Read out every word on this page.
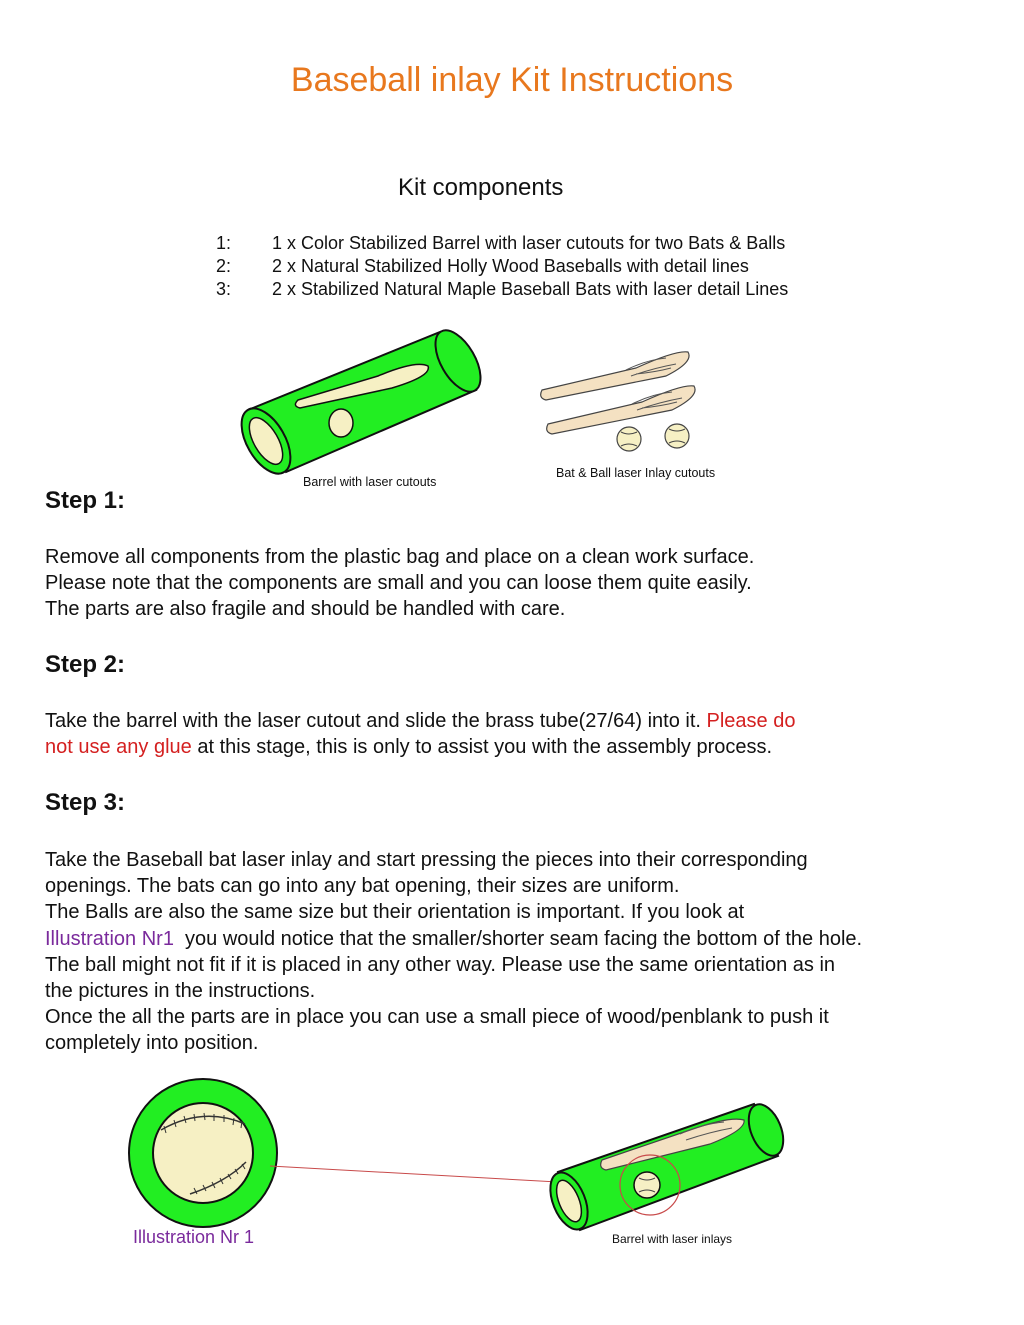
Baseball inlay Kit Instructions
Kit components
1:	1 x Color Stabilized Barrel with laser cutouts for two Bats & Balls
2:	2 x Natural Stabilized Holly Wood Baseballs with detail lines
3:	2 x Stabilized Natural Maple Baseball Bats with laser detail Lines
Barrel with laser cutouts
Bat & Ball laser Inlay cutouts
Step 1:

Remove all components from the plastic bag and place on a clean work surface.

Please note that the components are small and you can loose them quite easily.

The parts are also fragile and should be handled with care.

Step 2:

Take the barrel with the laser cutout and slide the brass tube(27/64) into it. Please do

not use any glue at this stage, this is only to assist you with the assembly process.

Step 3:

Take the Baseball bat laser inlay and start pressing the pieces into their corresponding

openings. The bats can go into any bat opening, their sizes are uniform.

The Balls are also the same size but their orientation is important. If you look at

Illustration Nr1  you would notice that the smaller/shorter seam facing the bottom of the hole.

The ball might not fit if it is placed in any other way. Please use the same orientation as in

the pictures in the instructions.

Once the all the parts are in place you can use a small piece of wood/penblank to push it

completely into position.

Illustration Nr 1	Barrel with laser inlays
